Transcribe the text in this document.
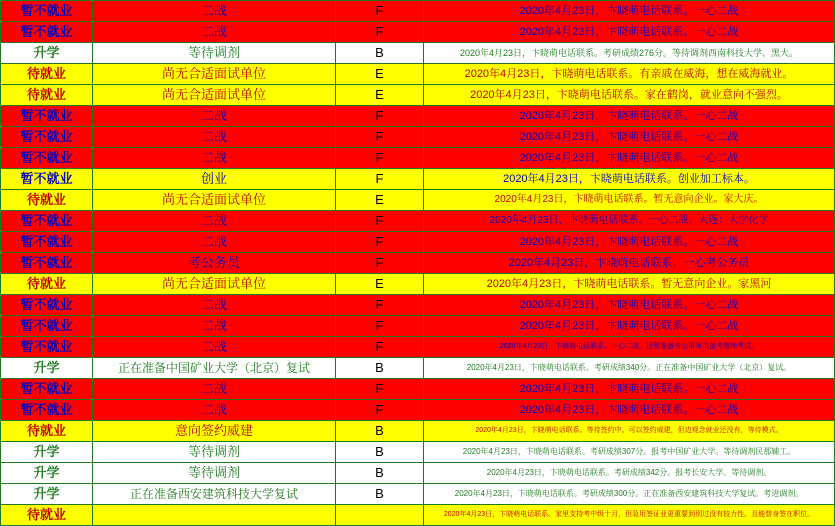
暂不就业	二战	F	2020年4月23日，卞晓萌电话联系。一心二战
暂不就业	二战	F	2020年4月23日，卞晓萌电话联系。一心二战
升学	等待调剂	B	2020年4月23日，卞晓萌电话联系。考研成绩276分。等待调剂西南科技大学、黑大。
待就业	尚无合适面试单位	E	2020年4月23日，卞晓萌电话联系。有亲戚在威海，想在威海就业。
待就业	尚无合适面试单位	E	2020年4月23日，卞晓萌电话联系。家在鹤岗，就业意向不强烈。
暂不就业	二战	F	2020年4月23日，卞晓萌电话联系。一心二战
暂不就业	二战	F	2020年4月23日，卞晓萌电话联系。一心二战
暂不就业	二战	F	2020年4月23日，卞晓萌电话联系。一心二战
暂不就业	创业	F	2020年4月23日，卞晓萌电话联系。创业加工标本。
待就业	尚无合适面试单位	E	2020年4月23日，卞晓萌电话联系。暂无意向企业。家大庆。
暂不就业	二战	F	2020年4月23日，卞晓萌电话联系。一心二战。大连：大学化学
暂不就业	二战	F	2020年4月23日，卞晓萌电话联系。一心二战
暂不就业	考公务员	F	2020年4月23日，卞晓萌电话联系。一心考公务员
待就业	尚无合适面试单位	E	2020年4月23日，卞晓萌电话联系。暂无意向企业。家黑河
暂不就业	二战	F	2020年4月23日，卞晓萌电话联系。一心二战
暂不就业	二战	F	2020年4月23日，卞晓萌电话联系。一心二战
暂不就业	二战	F	2020年4月23日，卞晓萌电话联系。一心二战。还想准备考公事务员备考教师考试。
升学	正在准备中国矿业大学（北京）复试	B	2020年4月23日，卞晓萌电话联系。考研成绩340分。正在准备中国矿业大学（北京）复试。
暂不就业	二战	F	2020年4月23日，卞晓萌电话联系。一心二战
暂不就业	二战	F	2020年4月23日，卞晓萌电话联系。一心二战
待就业	意向签约威建	B	2020年4月23日，卞晓萌电话联系。等待签约中。可以签约威建，但边观念就业还没有，等待模式。
升学	等待调剂	B	2020年4月23日，卞晓萌电话联系。考研成绩307分。报考中国矿业大学。等待调剂民那辅工。
升学	等待调剂	B	2020年4月23日，卞晓萌电话联系。考研成绩342分。报考长安大学。等待调剂。
升学	正在准备西安建筑科技大学复试	B	2020年4月23日，卞晓萌电话联系。考研成绩300分。正在准备西安建筑科技大学复试。考进调剂。
待就业			2020年4月23日，卞晓萌电话联系。家里支持考中级十月，但急用签证业更重要到别过没有较力性。且能替身签在职位。
